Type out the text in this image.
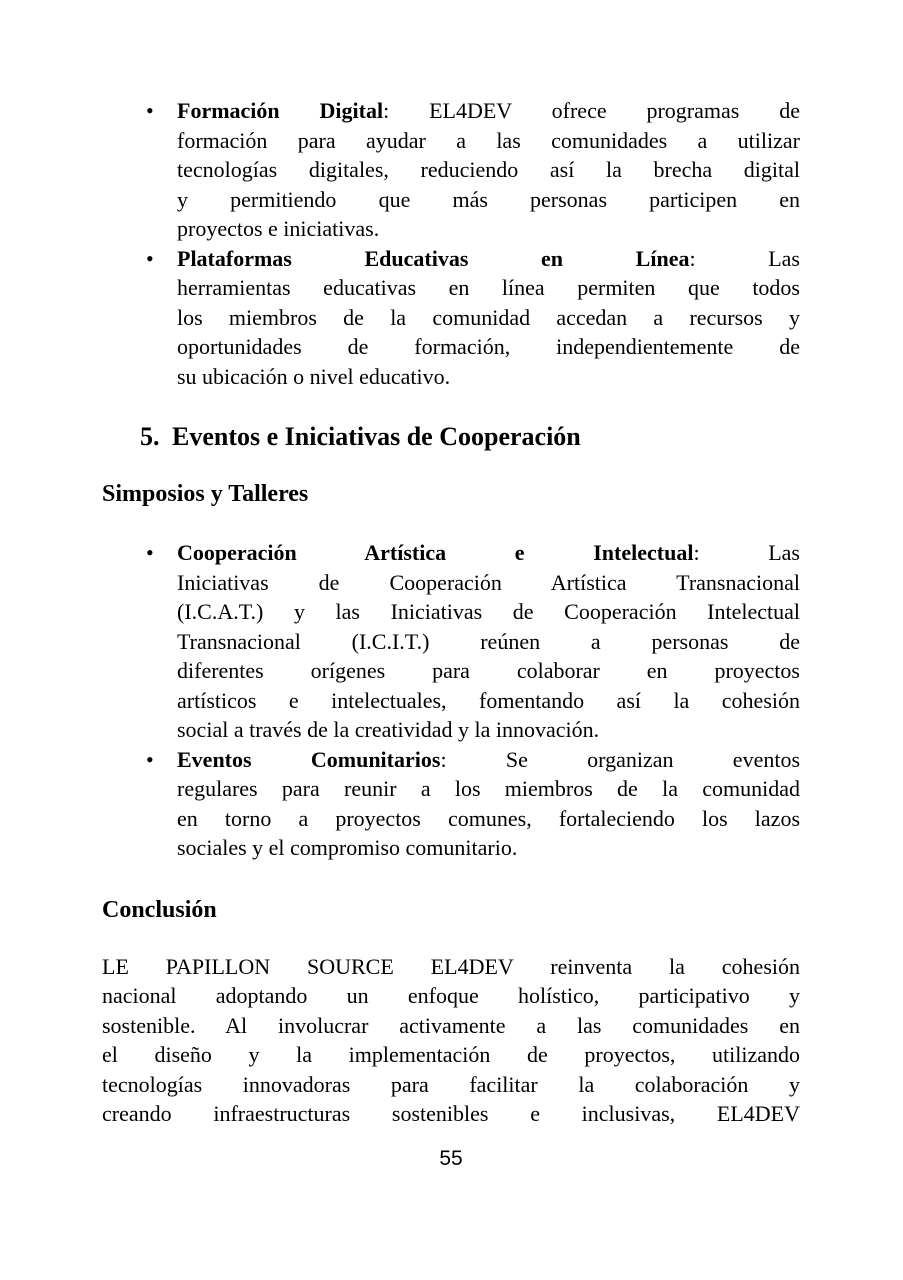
• Formación Digital: EL4DEV ofrece programas de
formación para ayudar a las comunidades a utilizar
tecnologías digitales, reduciendo así la brecha digital
y permitiendo que más personas participen en
proyectos e iniciativas.
• Plataformas Educativas en Línea: Las
herramientas educativas en línea permiten que todos
los miembros de la comunidad accedan a recursos y
oportunidades de formación, independientemente de
su ubicación o nivel educativo.
5. Eventos e Iniciativas de Cooperación
Simposios y Talleres
• Cooperación Artística e Intelectual: Las
Iniciativas de Cooperación Artística Transnacional
(I.C.A.T.) y las Iniciativas de Cooperación Intelectual
Transnacional (I.C.I.T.) reúnen a personas de
diferentes orígenes para colaborar en proyectos
artísticos e intelectuales, fomentando así la cohesión
social a través de la creatividad y la innovación.
• Eventos Comunitarios: Se organizan eventos
regulares para reunir a los miembros de la comunidad
en torno a proyectos comunes, fortaleciendo los lazos
sociales y el compromiso comunitario.
Conclusión
LE PAPILLON SOURCE EL4DEV reinventa la cohesión
nacional adoptando un enfoque holístico, participativo y
sostenible. Al involucrar activamente a las comunidades en
el diseño y la implementación de proyectos, utilizando
tecnologías innovadoras para facilitar la colaboración y
creando infraestructuras sostenibles e inclusivas, EL4DEV
55
